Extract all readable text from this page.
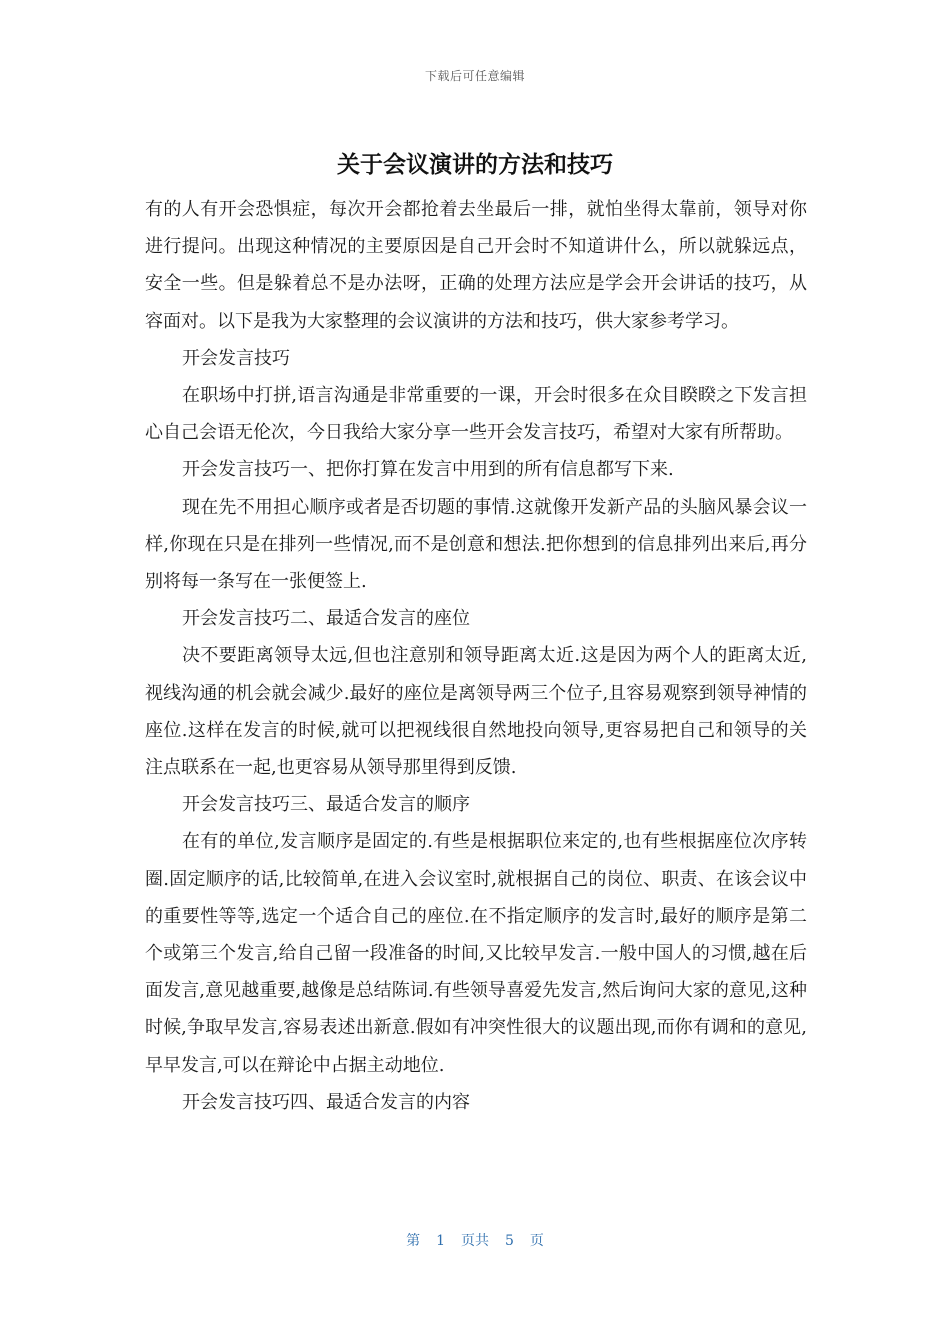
下载后可任意编辑
关于会议演讲的方法和技巧

有的人有开会恐惧症，每次开会都抢着去坐最后一排，就怕坐得太靠前，领导对你进行提问。出现这种情况的主要原因是自己开会时不知道讲什么，所以就躲远点，安全一些。但是躲着总不是办法呀，正确的处理方法应是学会开会讲话的技巧，从容面对。以下是我为大家整理的会议演讲的方法和技巧，供大家参考学习。

开会发言技巧

在职场中打拼,语言沟通是非常重要的一课，开会时很多在众目睽睽之下发言担心自己会语无伦次，今日我给大家分享一些开会发言技巧，希望对大家有所帮助。

开会发言技巧一、把你打算在发言中用到的所有信息都写下来.

现在先不用担心顺序或者是否切题的事情.这就像开发新产品的头脑风暴会议一样,你现在只是在排列一些情况,而不是创意和想法.把你想到的信息排列出来后,再分别将每一条写在一张便签上.

开会发言技巧二、最适合发言的座位

决不要距离领导太远,但也注意别和领导距离太近.这是因为两个人的距离太近,视线沟通的机会就会减少.最好的座位是离领导两三个位子,且容易观察到领导神情的座位.这样在发言的时候,就可以把视线很自然地投向领导,更容易把自己和领导的关注点联系在一起,也更容易从领导那里得到反馈.

开会发言技巧三、最适合发言的顺序

在有的单位,发言顺序是固定的.有些是根据职位来定的,也有些根据座位次序转圈.固定顺序的话,比较简单,在进入会议室时,就根据自己的岗位、职责、在该会议中的重要性等等,选定一个适合自己的座位.在不指定顺序的发言时,最好的顺序是第二个或第三个发言,给自己留一段准备的时间,又比较早发言.一般中国人的习惯,越在后面发言,意见越重要,越像是总结陈词.有些领导喜爱先发言,然后询问大家的意见,这种时候,争取早发言,容易表述出新意.假如有冲突性很大的议题出现,而你有调和的意见,早早发言,可以在辩论中占据主动地位.

开会发言技巧四、最适合发言的内容

第 1 页共 5 页
